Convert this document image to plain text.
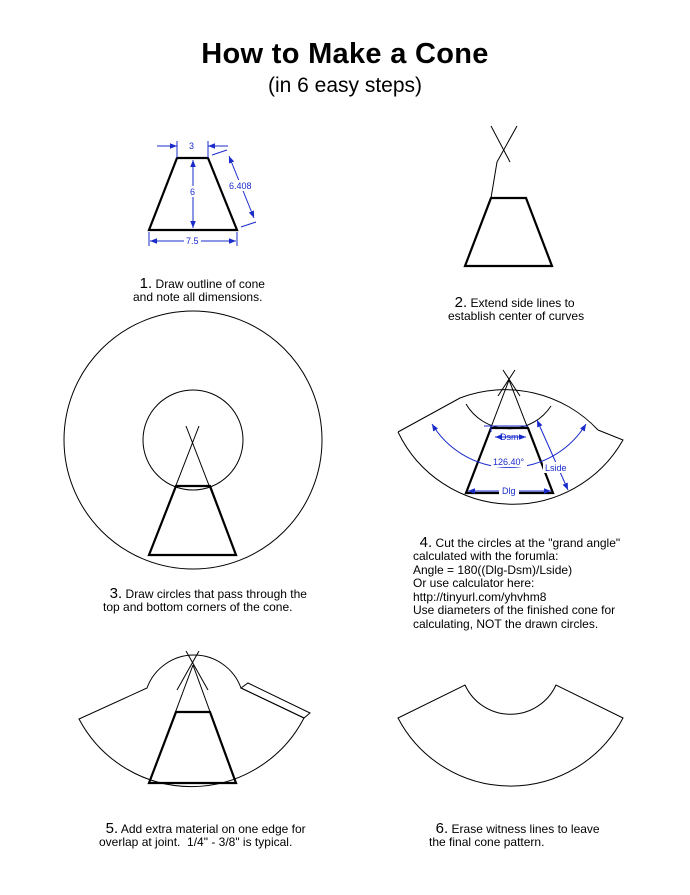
How to Make a Cone
(in 6 easy steps)
3
6
6.408
7.5
126.40°
Dsm
Dlg
Lside

1. Draw outline of cone
and note all dimensions.	2. Extend side lines to
establish center of curves

3. Draw circles that pass through the
top and bottom corners of the cone.

4. Cut the circles at the "grand angle"
calculated with the forumla:
Angle = 180((Dlg-Dsm)/Lside)
Or use calculator here:
http://tinyurl.com/yhvhm8
Use diameters of the finished cone for
calculating, NOT the drawn circles.

5. Add extra material on one edge for
overlap at joint.  1/4" - 3/8" is typical.

6. Erase witness lines to leave
the final cone pattern.
